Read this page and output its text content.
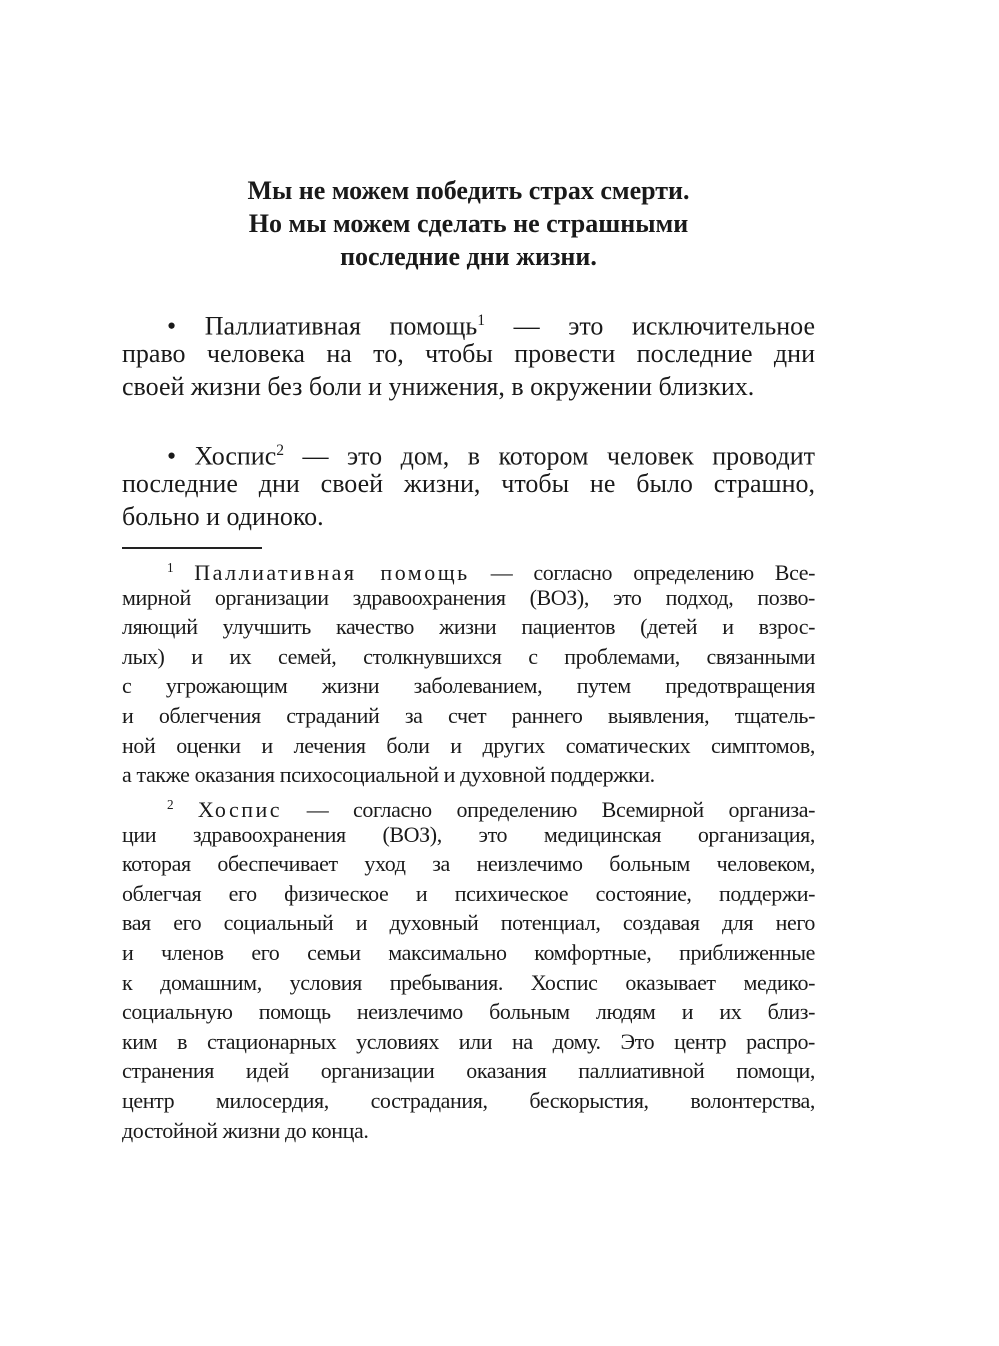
Мы не можем победить страх смерти.
Но мы можем сделать не страшными
последние дни жизни.
• Паллиативная помощь$^1$ — это исключительное
право человека на то, чтобы провести последние дни
своей жизни без боли и унижения, в окружении близких.
• Хоспис$^2$ — это дом, в котором человек проводит
последние дни своей жизни, чтобы не было страшно,
больно и одиноко.
$^1$ Паллиативная помощь — согласно определению Все-
мирной организации здравоохранения (ВОЗ), это подход, позво-
ляющий улучшить качество жизни пациентов (детей и взрос-
лых) и их семей, столкнувшихся с проблемами, связанными
с угрожающим жизни заболеванием, путем предотвращения
и облегчения страданий за счет раннего выявления, тщатель-
ной оценки и лечения боли и других соматических симптомов,
а также оказания психосоциальной и духовной поддержки.
$^2$ Хоспис — согласно определению Всемирной организа-
ции здравоохранения (ВОЗ), это медицинская организация,
которая обеспечивает уход за неизлечимо больным человеком,
облегчая его физическое и психическое состояние, поддержи-
вая его социальный и духовный потенциал, создавая для него
и членов его семьи максимально комфортные, приближенные
к домашним, условия пребывания. Хоспис оказывает медико-
социальную помощь неизлечимо больным людям и их близ-
ким в стационарных условиях или на дому. Это центр распро-
странения идей организации оказания паллиативной помощи,
центр милосердия, сострадания, бескорыстия, волонтерства,
достойной жизни до конца.
